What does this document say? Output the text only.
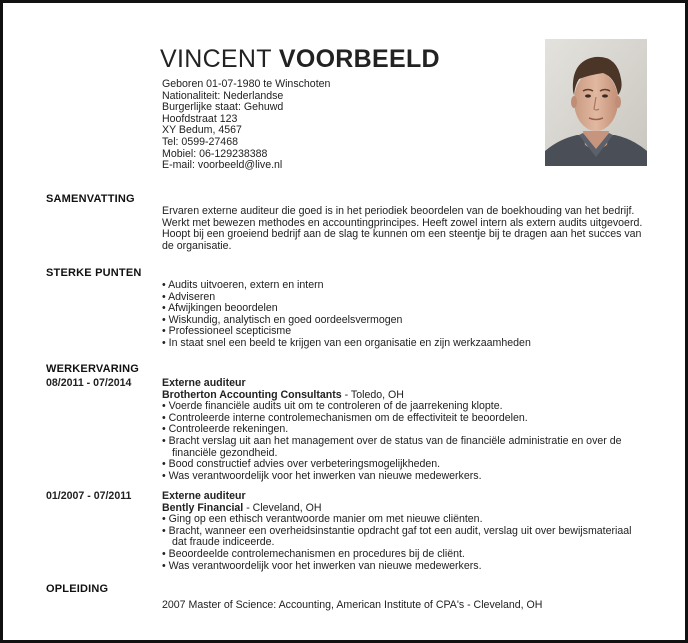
VINCENT VOORBEELD
Geboren 01-07-1980 te Winschoten
Nationaliteit: Nederlandse
Burgerlijke staat: Gehuwd
Hoofdstraat 123
XY Bedum, 4567
Tel: 0599-27468
Mobiel: 06-129238388
E-mail: voorbeeld@live.nl
SAMENVATTING

Ervaren externe auditeur die goed is in het periodiek beoordelen van de boekhouding van het bedrijf. Werkt met bewezen methodes en accountingprincipes. Heeft zowel intern als extern audits uitgevoerd. Hoopt bij een groeiend bedrijf aan de slag te kunnen om een steentje bij te dragen aan het succes van de organisatie.

STERKE PUNTEN
• Audits uitvoeren, extern en intern
• Adviseren
• Afwijkingen beoordelen
• Wiskundig, analytisch en goed oordeelsvermogen
• Professioneel scepticisme
• In staat snel een beeld te krijgen van een organisatie en zijn werkzaamheden
WERKERVARING
08/2011 - 07/2014	Externe auditeur
Brotherton Accounting Consultants - Toledo, OH
• Voerde financiële audits uit om te controleren of de jaarrekening klopte.
• Controleerde interne controlemechanismen om de effectiviteit te beoordelen.
• Controleerde rekeningen.
• Bracht verslag uit aan het management over de status van de financiële administratie en over de financiële gezondheid.
• Bood constructief advies over verbeteringsmogelijkheden.
• Was verantwoordelijk voor het inwerken van nieuwe medewerkers.
01/2007 - 07/2011	Externe auditeur
Bently Financial - Cleveland, OH
• Ging op een ethisch verantwoorde manier om met nieuwe cliënten.
• Bracht, wanneer een overheidsinstantie opdracht gaf tot een audit, verslag uit over bewijsmateriaal dat fraude indiceerde.
• Beoordeelde controlemechanismen en procedures bij de cliënt.
• Was verantwoordelijk voor het inwerken van nieuwe medewerkers.
OPLEIDING
2007 Master of Science: Accounting, American Institute of CPA's - Cleveland, OH
